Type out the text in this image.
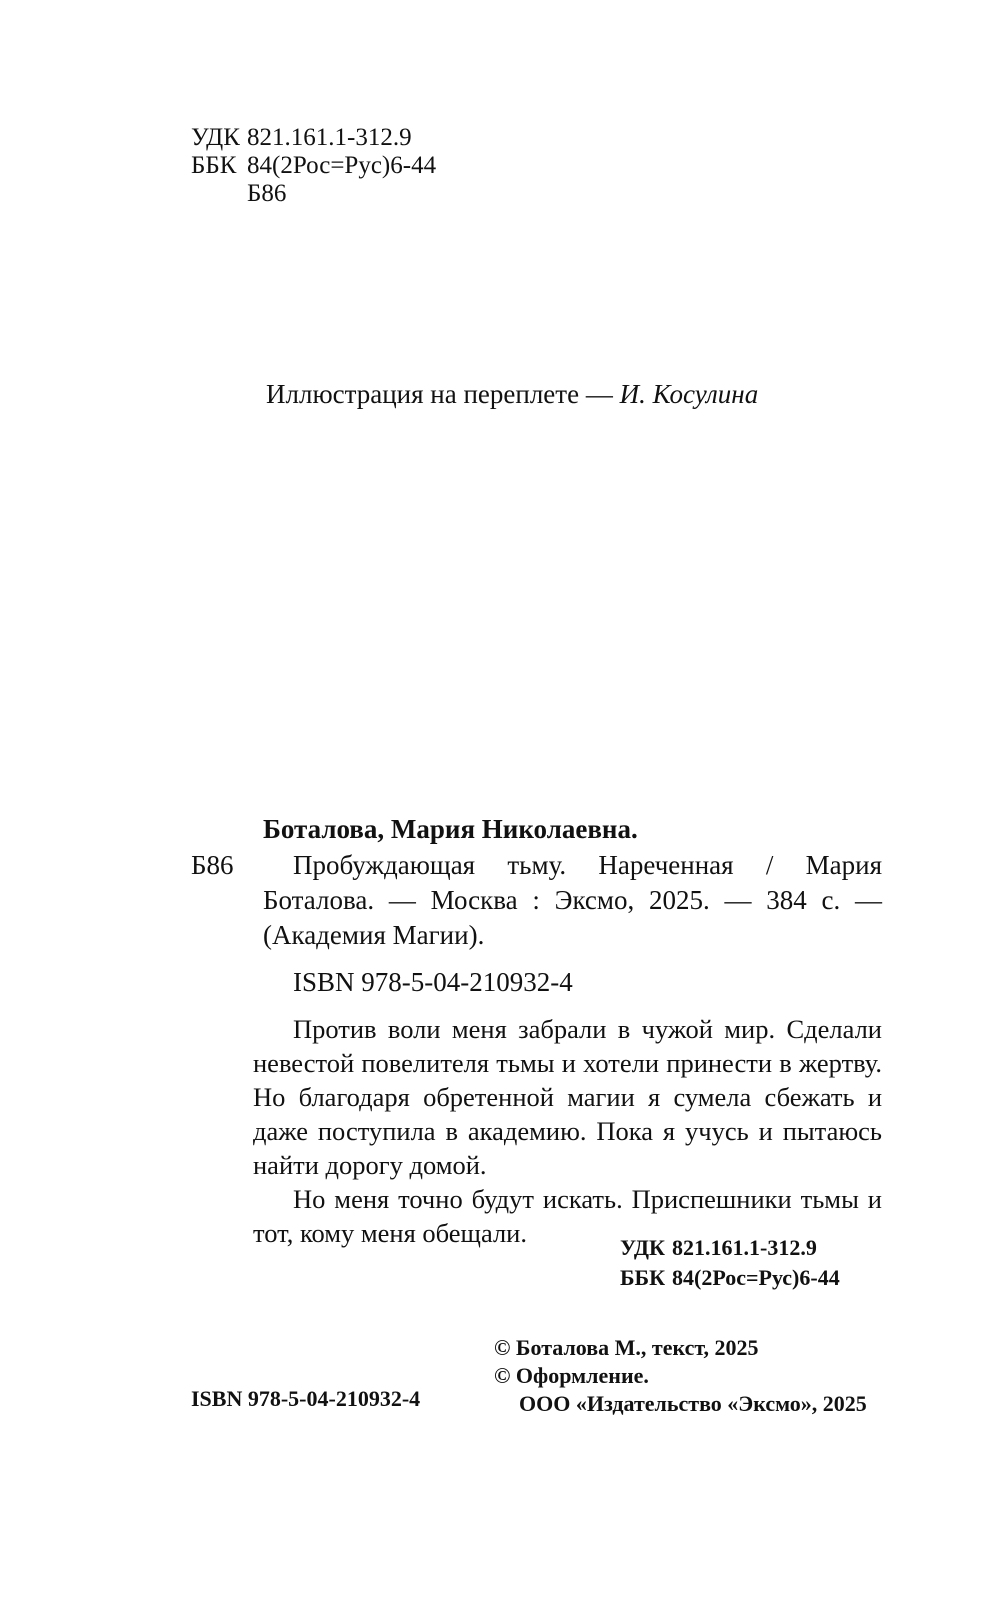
УДК 821.161.1-312.9
ББК 84(2Рос=Рус)6-44
Б86
Иллюстрация на переплете — И. Косулина
Боталова, Мария Николаевна.
Б86	Пробуждающая тьму. Нареченная / Мария Боталова. — Москва : Эксмо, 2025. — 384 с. — (Академия Магии).
ISBN 978-5-04-210932-4

Против воли меня забрали в чужой мир. Сделали невестой повелителя тьмы и хотели принести в жертву. Но благодаря обретенной магии я сумела сбежать и даже поступила в академию. Пока я учусь и пытаюсь найти дорогу домой.

Но меня точно будут искать. Приспешники тьмы и тот, кому меня обещали.	УДК 821.161.1-312.9
ББК 84(2Рос=Рус)6-44
ISBN 978-5-04-210932-4
© Боталова М., текст, 2025
© Оформление.
ООО «Издательство «Эксмо», 2025
